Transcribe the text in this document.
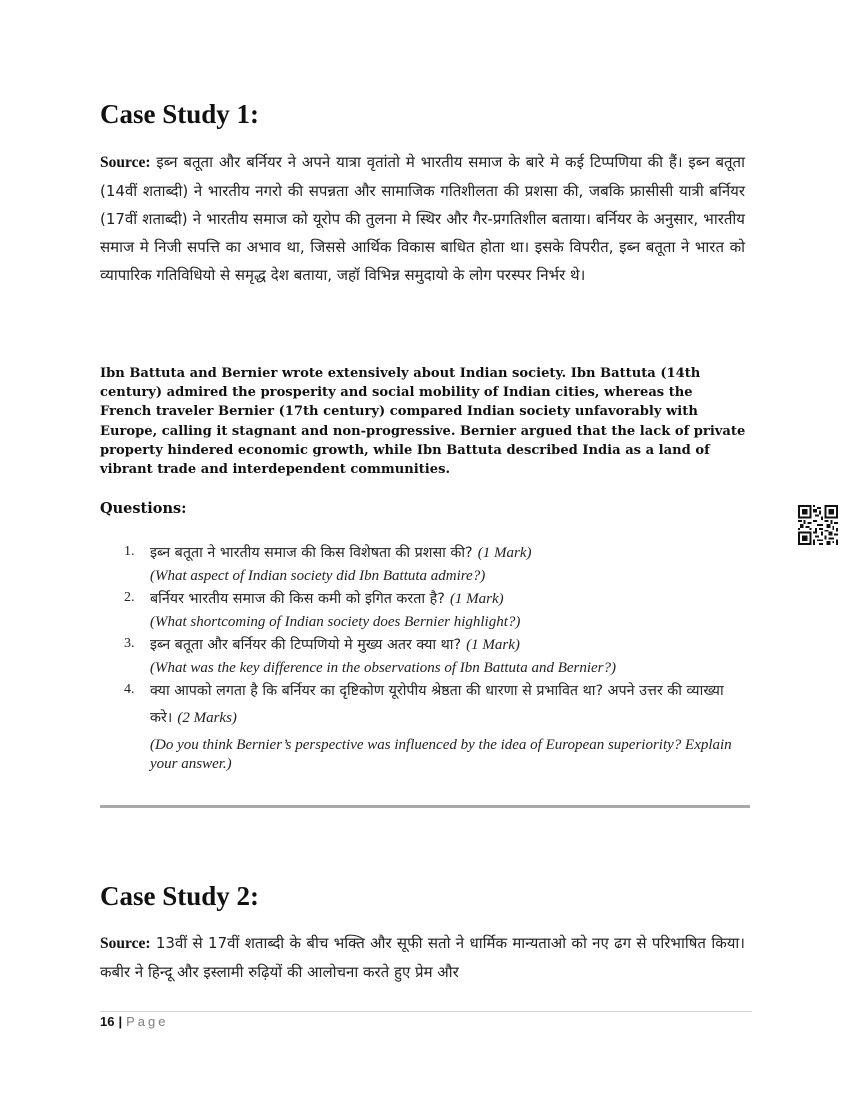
Case Study 1:

Source: इब्न बतूता और बर्नियर ने अपने यात्रा वृतांतो मे भारतीय समाज के बारे मे कई टिप्पणिया की हैं। इब्न बतूता (14वीं शताब्दी) ने भारतीय नगरो की सपन्नता और सामाजिक गतिशीलता की प्रशसा की, जबकि फ्रासीसी यात्री बर्नियर (17वीं शताब्दी) ने भारतीय समाज को यूरोप की तुलना मे स्थिर और गैर-प्रगतिशील बताया। बर्नियर के अनुसार, भारतीय समाज मे निजी सपत्ति का अभाव था, जिससे आर्थिक विकास बाधित होता था। इसके विपरीत, इब्न बतूता ने भारत को व्यापारिक गतिविधियो से समृद्ध देश बताया, जहॉ विभिन्न समुदायो के लोग परस्पर निर्भर थे।

Ibn Battuta and Bernier wrote extensively about Indian society. Ibn Battuta (14th century) admired the prosperity and social mobility of Indian cities, whereas the French traveler Bernier (17th century) compared Indian society unfavorably with Europe, calling it stagnant and non-progressive. Bernier argued that the lack of private property hindered economic growth, while Ibn Battuta described India as a land of vibrant trade and interdependent communities.

Questions:

1. इब्न बतूता ने भारतीय समाज की किस विशेषता की प्रशसा की? (1 Mark)
(What aspect of Indian society did Ibn Battuta admire?)
2. बर्नियर भारतीय समाज की किस कमी को इगित करता है? (1 Mark)
(What shortcoming of Indian society does Bernier highlight?)
3. इब्न बतूता और बर्नियर की टिप्पणियो मे मुख्य अतर क्या था? (1 Mark)
(What was the key difference in the observations of Ibn Battuta and Bernier?)
4. क्या आपको लगता है कि बर्नियर का दृष्टिकोण यूरोपीय श्रेष्ठता की धारणा से प्रभावित था? अपने उत्तर की व्याख्या करे। (2 Marks)
(Do you think Bernier’s perspective was influenced by the idea of European superiority? Explain your answer.)
Case Study 2:

Source: 13वीं से 17वीं शताब्दी के बीच भक्ति और सूफी सतो ने धार्मिक मान्यताओ को नए ढग से परिभाषित किया। कबीर ने हिन्दू और इस्लामी रुढ़ियों की आलोचना करते हुए प्रेम और

16 | Page
